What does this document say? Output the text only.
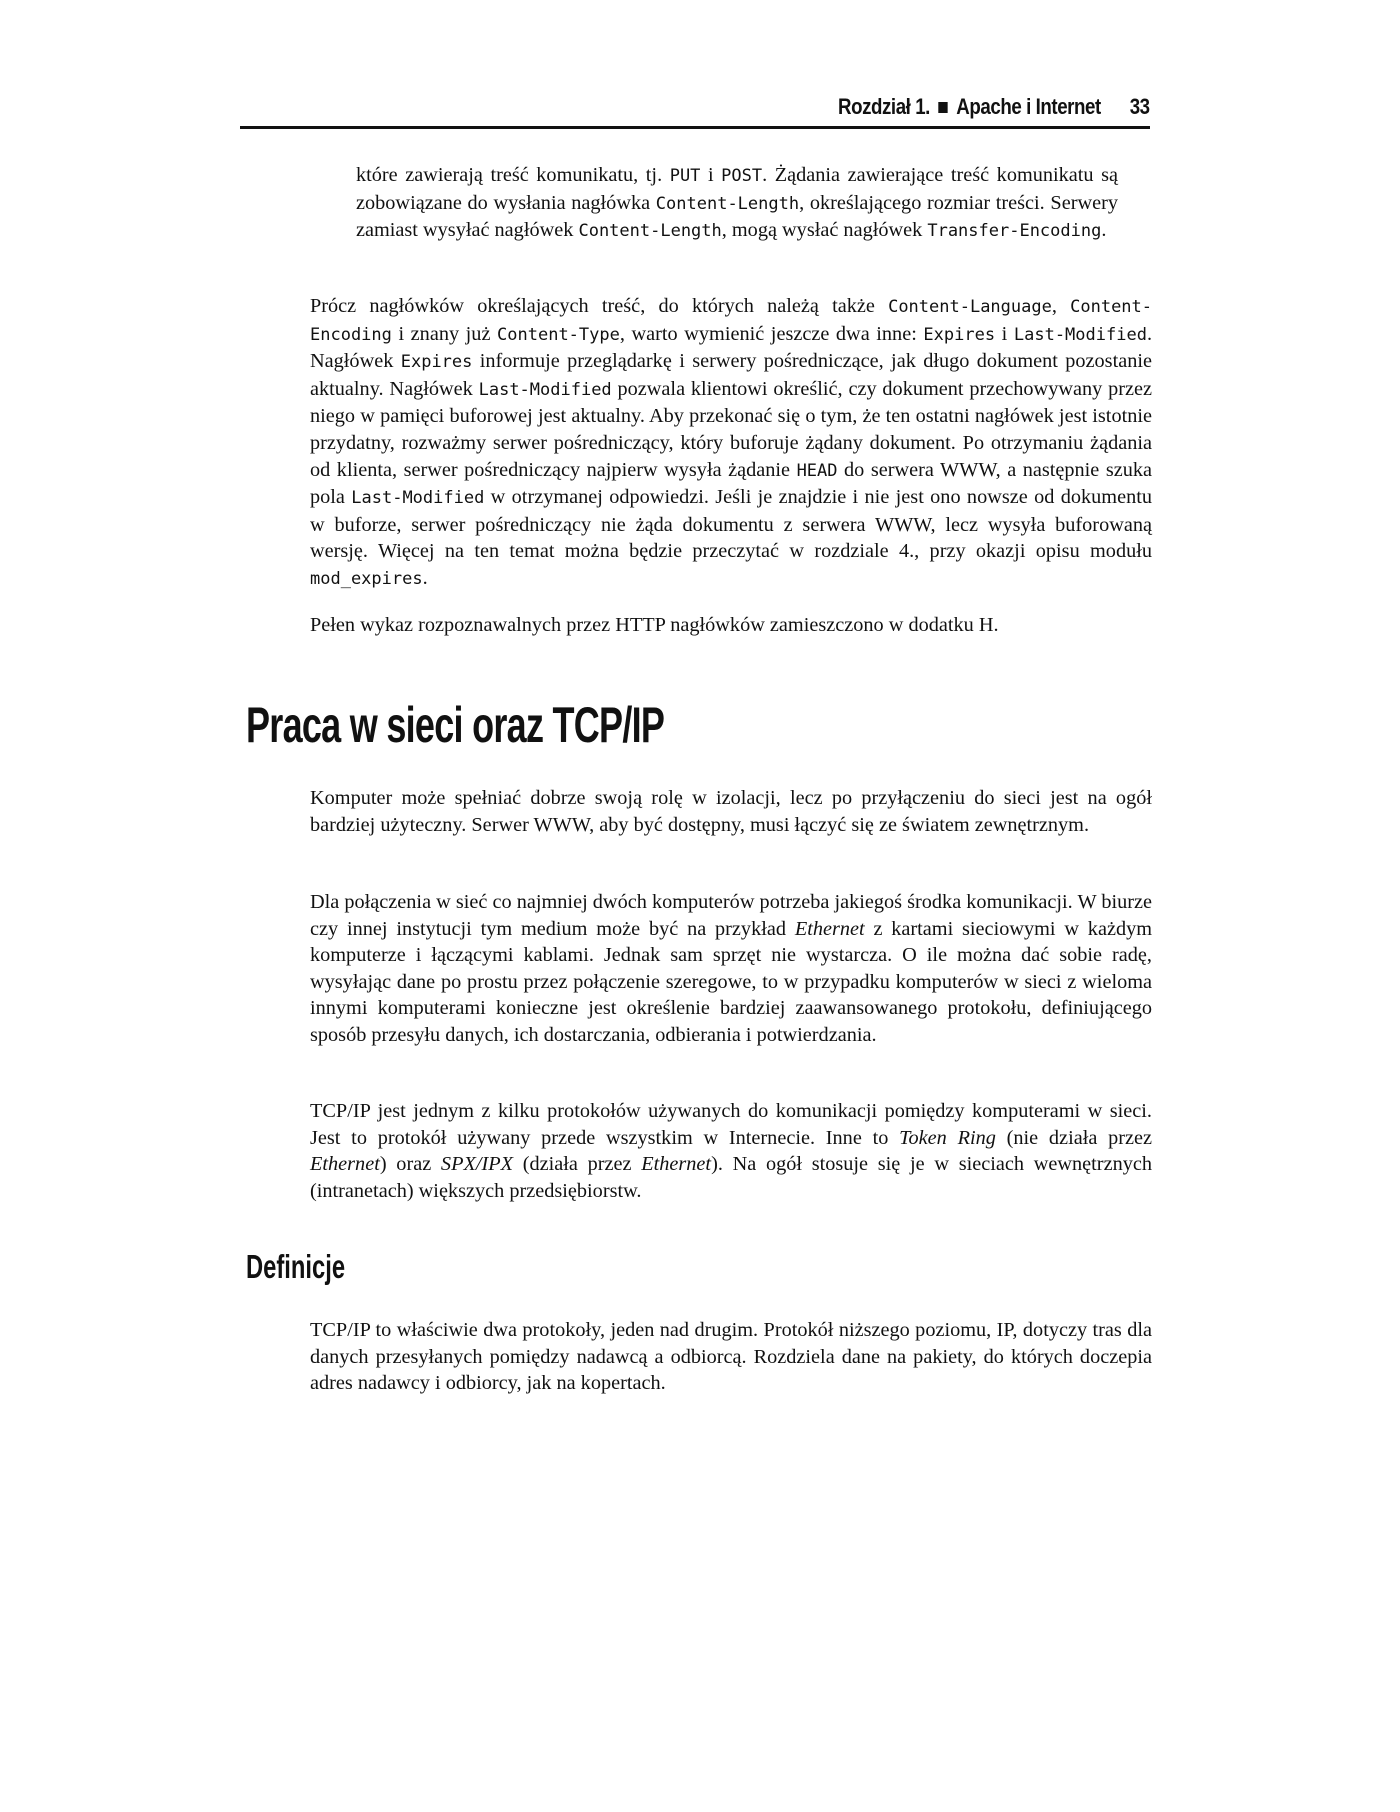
Rozdział 1. Apache i Internet 33

które zawierają treść komunikatu, tj. PUT i POST. Żądania zawierające treść komunikatu są zobowiązane do wysłania nagłówka Content-Length, określającego rozmiar treści. Serwery zamiast wysyłać nagłówek Content-Length, mogą wysłać nagłówek Transfer-Encoding.

Prócz nagłówków określających treść, do których należą także Content-Language, Content-Encoding i znany już Content-Type, warto wymienić jeszcze dwa inne: Expires i Last-Modified. Nagłówek Expires informuje przeglądarkę i serwery pośredniczące, jak długo dokument pozostanie aktualny. Nagłówek Last-Modified pozwala klientowi określić, czy dokument przechowywany przez niego w pamięci buforowej jest aktualny. Aby przekonać się o tym, że ten ostatni nagłówek jest istotnie przydatny, rozważmy serwer pośredniczący, który buforuje żądany dokument. Po otrzymaniu żądania od klienta, serwer pośredniczący najpierw wysyła żądanie HEAD do serwera WWW, a następnie szuka pola Last-Modified w otrzymanej odpowiedzi. Jeśli je znajdzie i nie jest ono nowsze od dokumentu w buforze, serwer pośredniczący nie żąda dokumentu z serwera WWW, lecz wysyła buforowaną wersję. Więcej na ten temat można będzie przeczytać w rozdziale 4., przy okazji opisu modułu mod_expires.

Pełen wykaz rozpoznawalnych przez HTTP nagłówków zamieszczono w dodatku H.

Praca w sieci oraz TCP/IP

Komputer może spełniać dobrze swoją rolę w izolacji, lecz po przyłączeniu do sieci jest na ogół bardziej użyteczny. Serwer WWW, aby być dostępny, musi łączyć się ze światem zewnętrznym.

Dla połączenia w sieć co najmniej dwóch komputerów potrzeba jakiegoś środka komunikacji. W biurze czy innej instytucji tym medium może być na przykład Ethernet z kartami sieciowymi w każdym komputerze i łączącymi kablami. Jednak sam sprzęt nie wystarcza. O ile można dać sobie radę, wysyłając dane po prostu przez połączenie szeregowe, to w przypadku komputerów w sieci z wieloma innymi komputerami konieczne jest określenie bardziej zaawansowanego protokołu, definiującego sposób przesyłu danych, ich dostarczania, odbierania i potwierdzania.

TCP/IP jest jednym z kilku protokołów używanych do komunikacji pomiędzy komputerami w sieci. Jest to protokół używany przede wszystkim w Internecie. Inne to Token Ring (nie działa przez Ethernet) oraz SPX/IPX (działa przez Ethernet). Na ogół stosuje się je w sieciach wewnętrznych (intranetach) większych przedsiębiorstw.

Definicje

TCP/IP to właściwie dwa protokoły, jeden nad drugim. Protokół niższego poziomu, IP, dotyczy tras dla danych przesyłanych pomiędzy nadawcą a odbiorcą. Rozdziela dane na pakiety, do których doczepia adres nadawcy i odbiorcy, jak na kopertach.
